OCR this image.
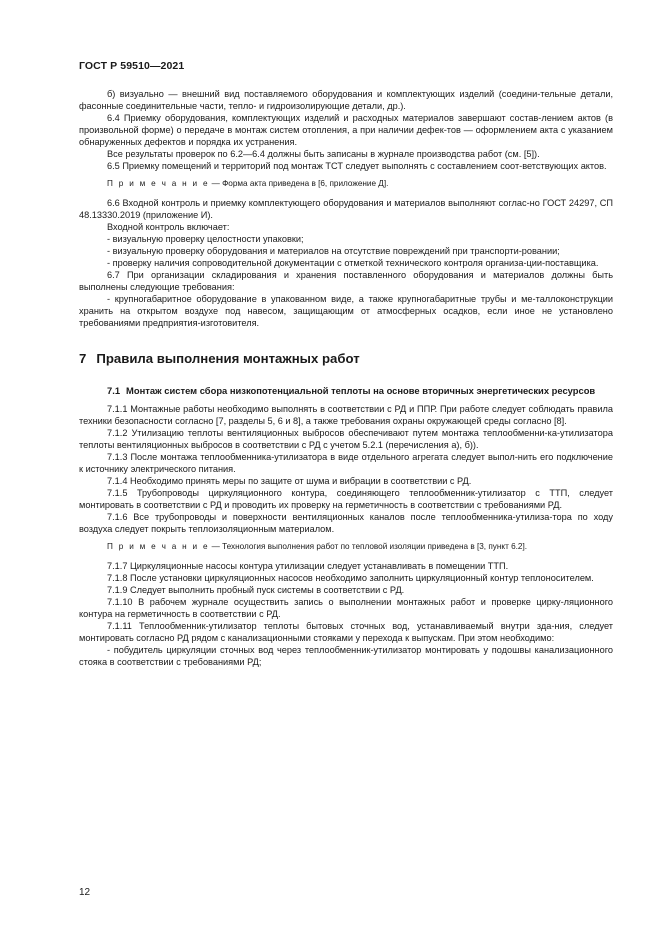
ГОСТ Р 59510—2021

б) визуально — внешний вид поставляемого оборудования и комплектующих изделий (соедини-тельные детали, фасонные соединительные части, тепло- и гидроизолирующие детали, др.).

6.4 Приемку оборудования, комплектующих изделий и расходных материалов завершают состав-лением актов (в произвольной форме) о передаче в монтаж систем отопления, а при наличии дефек-тов — оформлением акта с указанием обнаруженных дефектов и порядка их устранения.

Все результаты проверок по 6.2—6.4 должны быть записаны в журнале производства работ (см. [5]).

6.5 Приемку помещений и территорий под монтаж ТСТ следует выполнять с составлением соот-ветствующих актов.

П р и м е ч а н и е — Форма акта приведена в [6, приложение Д].

6.6 Входной контроль и приемку комплектующего оборудования и материалов выполняют соглас-но ГОСТ 24297, СП 48.13330.2019 (приложение И).

Входной контроль включает:

- визуальную проверку целостности упаковки;

- визуальную проверку оборудования и материалов на отсутствие повреждений при транспорти-ровании;

- проверку наличия сопроводительной документации с отметкой технического контроля организа-ции-поставщика.

6.7 При организации складирования и хранения поставленного оборудования и материалов должны быть выполнены следующие требования:

- крупногабаритное оборудование в упакованном виде, а также крупногабаритные трубы и ме-таллоконструкции хранить на открытом воздухе под навесом, защищающим от атмосферных осадков, если иное не установлено требованиями предприятия-изготовителя.

7 Правила выполнения монтажных работ
7.1 Монтаж систем сбора низкопотенциальной теплоты на основе вторичных энергетических ресурсов

7.1.1 Монтажные работы необходимо выполнять в соответствии с РД и ППР. При работе следует соблюдать правила техники безопасности согласно [7, разделы 5, 6 и 8], а также требования охраны окружающей среды согласно [8].

7.1.2 Утилизацию теплоты вентиляционных выбросов обеспечивают путем монтажа теплообменни-ка-утилизатора теплоты вентиляционных выбросов в соответствии с РД с учетом 5.2.1 (перечисления а), б)).

7.1.3 После монтажа теплообменника-утилизатора в виде отдельного агрегата следует выпол-нить его подключение к источнику электрического питания.

7.1.4 Необходимо принять меры по защите от шума и вибрации в соответствии с РД.

7.1.5 Трубопроводы циркуляционного контура, соединяющего теплообменник-утилизатор с ТТП, следует монтировать в соответствии с РД и проводить их проверку на герметичность в соответствии с требованиями РД.

7.1.6 Все трубопроводы и поверхности вентиляционных каналов после теплообменника-утилиза-тора по ходу воздуха следует покрыть теплоизоляционным материалом.

П р и м е ч а н и е — Технология выполнения работ по тепловой изоляции приведена в [3, пункт 6.2].

7.1.7 Циркуляционные насосы контура утилизации следует устанавливать в помещении ТТП.

7.1.8 После установки циркуляционных насосов необходимо заполнить циркуляционный контур теплоносителем.

7.1.9 Следует выполнить пробный пуск системы в соответствии с РД.

7.1.10 В рабочем журнале осуществить запись о выполнении монтажных работ и проверке цирку-ляционного контура на герметичность в соответствии с РД.

7.1.11 Теплообменник-утилизатор теплоты бытовых сточных вод, устанавливаемый внутри зда-ния, следует монтировать согласно РД рядом с канализационными стояками у перехода к выпускам. При этом необходимо:

- побудитель циркуляции сточных вод через теплообменник-утилизатор монтировать у подошвы канализационного стояка в соответствии с требованиями РД;

12
